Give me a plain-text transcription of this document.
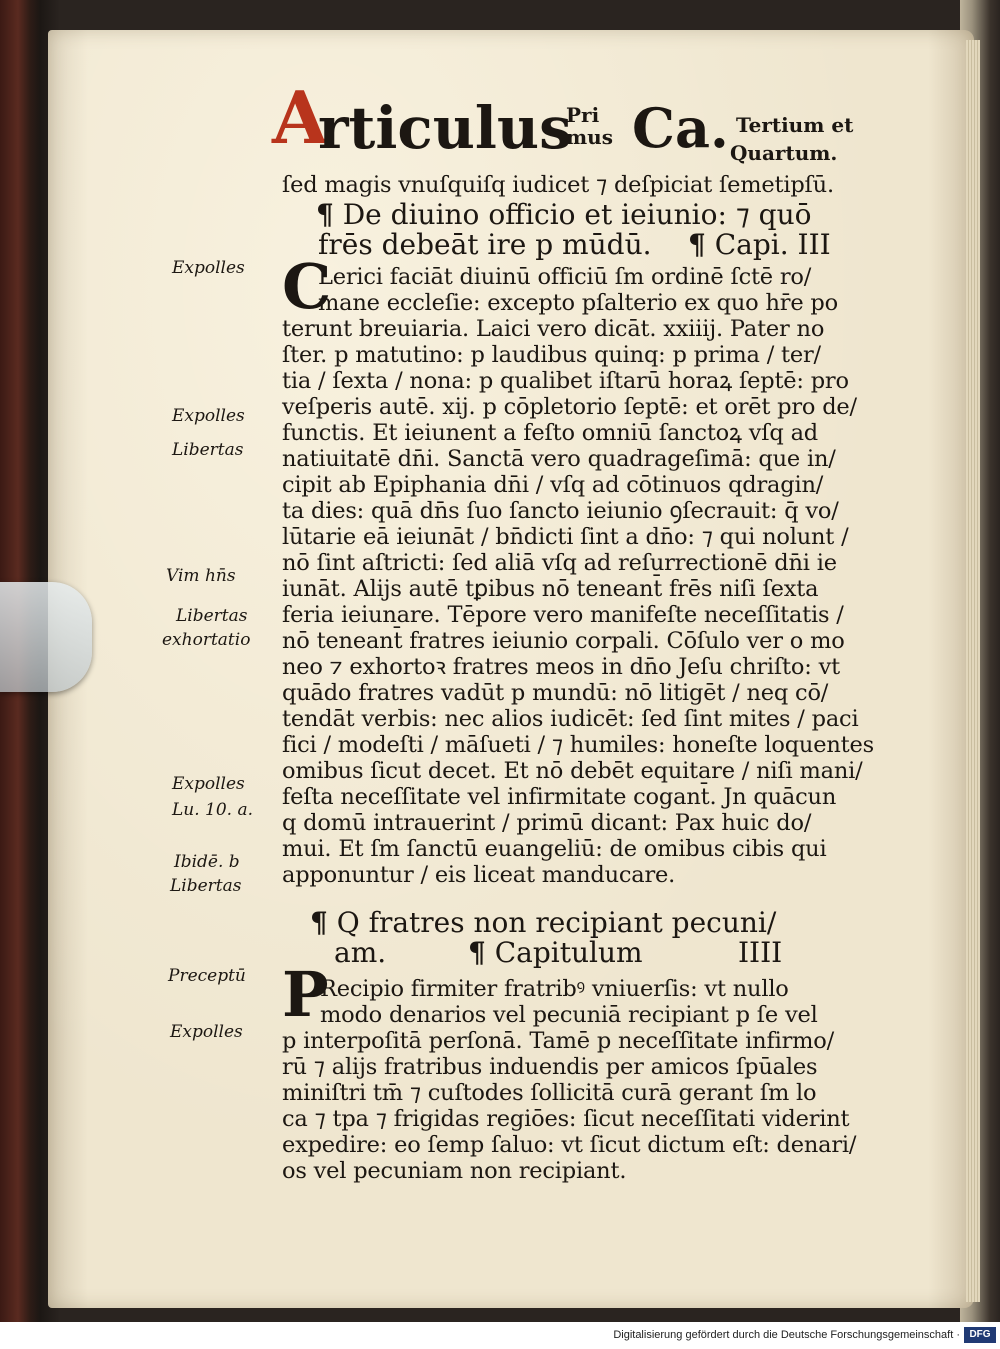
A
rticulus
Pri
mus Ca. Tertium et
Quartum.
ſed magis vnuſquiſq iudicet ⁊ deſpiciat ſemetipſū.
¶ De diuino officio et ieiunio: ⁊ quō
frēs debeāt ire p mūdū. ¶ Capi. III
C
Lerici faciāt diuinū officiū ſm ordinē ſctē ro/
mane eccleſie: excepto pſalterio ex quo hr̄e po
terunt breuiaria. Laici vero dicāt. xxiiij. Pater no
ſter. p matutino: p laudibus quinq: p prima / ter/
tia / ſexta / nona: p qualibet iſtarū horaꝝ ſeptē: pro
veſperis autē. xij. p cōpletorio ſeptē: et orēt pro de/
functis. Et ieiunent a feſto omniū ſanctoꝝ vſq ad
natiuitatē dn̄i. Sanctā vero quadrageſimā: que in/
cipit ab Epiphania dn̄i / vſq ad cōtinuos qdragin/
ta dies: quā dn̄s ſuo ſancto ieiunio ꝯſecrauit: q̄ vo/
lūtarie eā ieiunāt / bn̄dicti ſint a dn̄o: ⁊ qui nolunt /
nō ſint aſtricti: ſed aliā vſq ad reſurrectionē dn̄i ie
iunāt. Alijs autē tꝑibus nō teneant̄ frēs niſi ſexta
feria ieiunare. Tēpore vero manifeſte neceſſitatis /
nō teneant̄ fratres ieiunio corpali. Cōſulo ver o mo
neo ⁊ exhortoꝛ fratres meos in dn̄o Jeſu chriſto: vt
quādo fratres vadūt p mundū: nō litigēt / neq cō/
tendāt verbis: nec alios iudicēt: ſed ſint mites / paci
fici / modeſti / māſueti / ⁊ humiles: honeſte loquentes
omibus ſicut decet. Et nō debēt equitare / niſi mani/
feſta neceſſitate vel infirmitate cogant̄. Jn quācun
q domū intrauerint / primū dicant: Pax huic do/
mui. Et ſm ſanctū euangeliū: de omibus cibis qui
apponuntur / eis liceat manducare.
¶ Q fratres non recipiant pecuni/
am.	¶ Capitulum	IIII
P
Recipio firmiter fratribꝰ vniuerſis: vt nullo
modo denarios vel pecuniā recipiant p ſe vel
p interpoſitā perſonā. Tamē p neceſſitate infirmo/
rū ⁊ alijs fratribus induendis per amicos ſpūales
miniſtri tm̄ ⁊ cuſtodes ſollicitā curā gerant ſm lo
ca ⁊ tpa ⁊ frigidas regiōes: ſicut neceſſitati viderint
expedire: eo ſemp ſaluo: vt ſicut dictum eſt: denari/
os vel pecuniam non recipiant.
Expolles
Expolles
Libertas
Vim hn̄s
Libertas
exhortatio
Expolles
Lu. 10. a.
Ibidē. b
Libertas
Preceptū
Expolles
Digitalisierung gefördert durch die Deutsche Forschungsgemeinschaft · DFG
